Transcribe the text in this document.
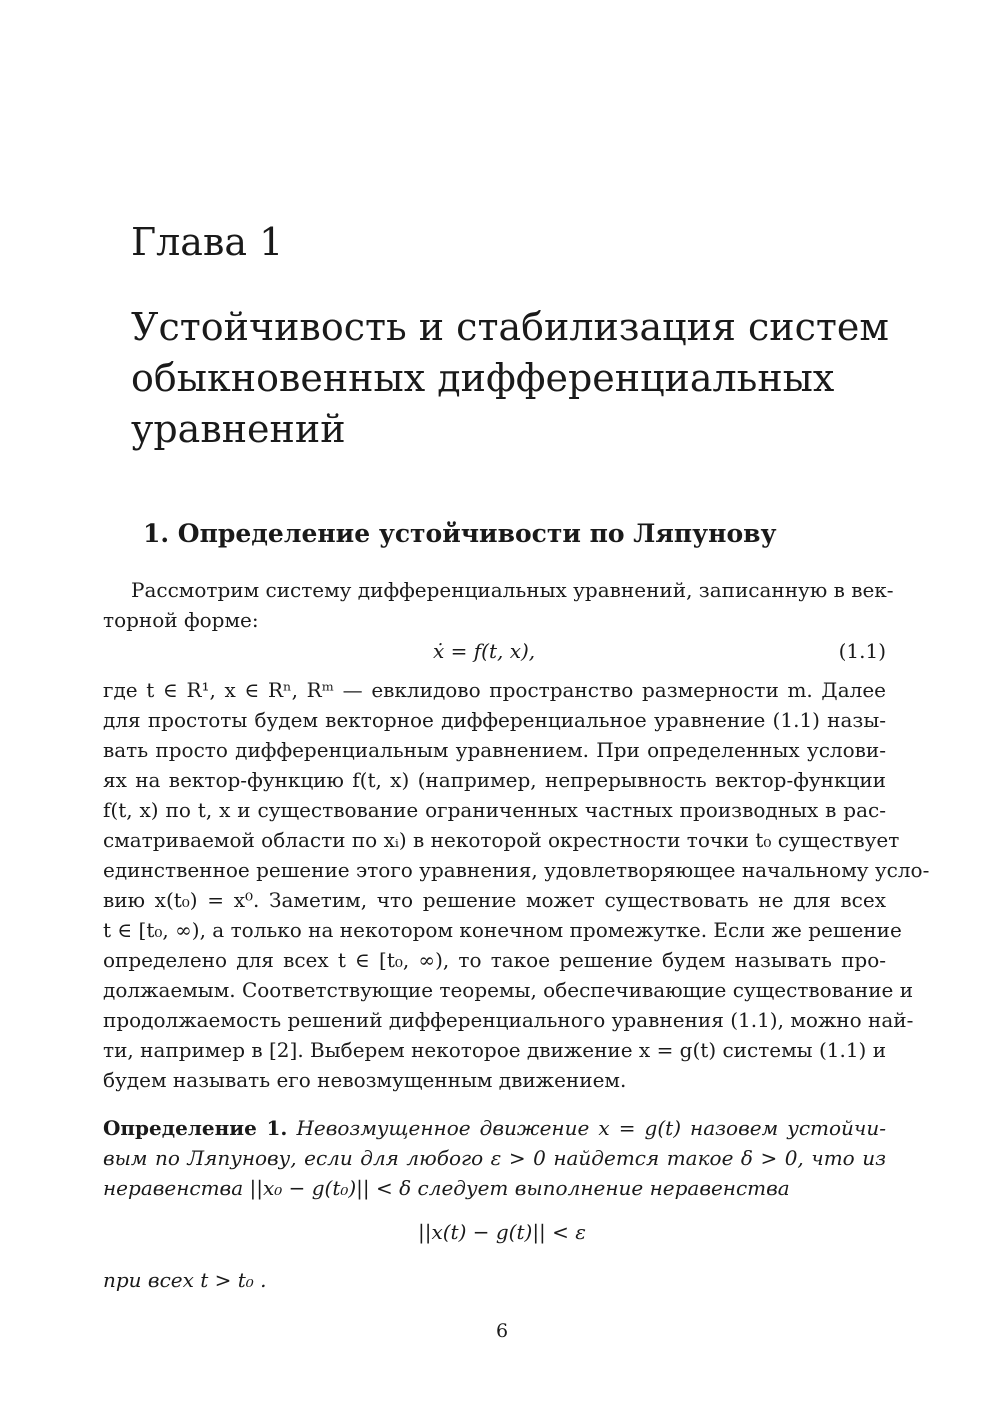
Глава 1
Устойчивость и стабилизация систем
обыкновенных дифференциальных
уравнений
1. Определение устойчивости по Ляпунову
Рассмотрим систему дифференциальных уравнений, записанную в век-
торной форме:
ẋ = f(t, x),	(1.1)
где t ∈ R¹, x ∈ Rⁿ, Rᵐ — евклидово пространство размерности m. Далее
для простоты будем векторное дифференциальное уравнение (1.1) назы-
вать просто дифференциальным уравнением. При определенных услови-
ях на вектор-функцию f(t, x) (например, непрерывность вектор-функции
f(t, x) по t, x и существование ограниченных частных производных в рас-
сматриваемой области по xᵢ) в некоторой окрестности точки t₀ существует
единственное решение этого уравнения, удовлетворяющее начальному усло-
вию x(t₀) = x⁰. Заметим, что решение может существовать не для всех
t ∈ [t₀, ∞), а только на некотором конечном промежутке. Если же решение
определено для всех t ∈ [t₀, ∞), то такое решение будем называть про-
должаемым. Соответствующие теоремы, обеспечивающие существование и
продолжаемость решений дифференциального уравнения (1.1), можно най-
ти, например в [2]. Выберем некоторое движение x = g(t) системы (1.1) и
будем называть его невозмущенным движением.
Определение 1. Невозмущенное движение x = g(t) назовем устойчи-
вым по Ляпунову, если для любого ε > 0 найдется такое δ > 0, что из
неравенства ||x₀ − g(t₀)|| < δ следует выполнение неравенства
||x(t) − g(t)|| < ε
при всех t > t₀ .
6
